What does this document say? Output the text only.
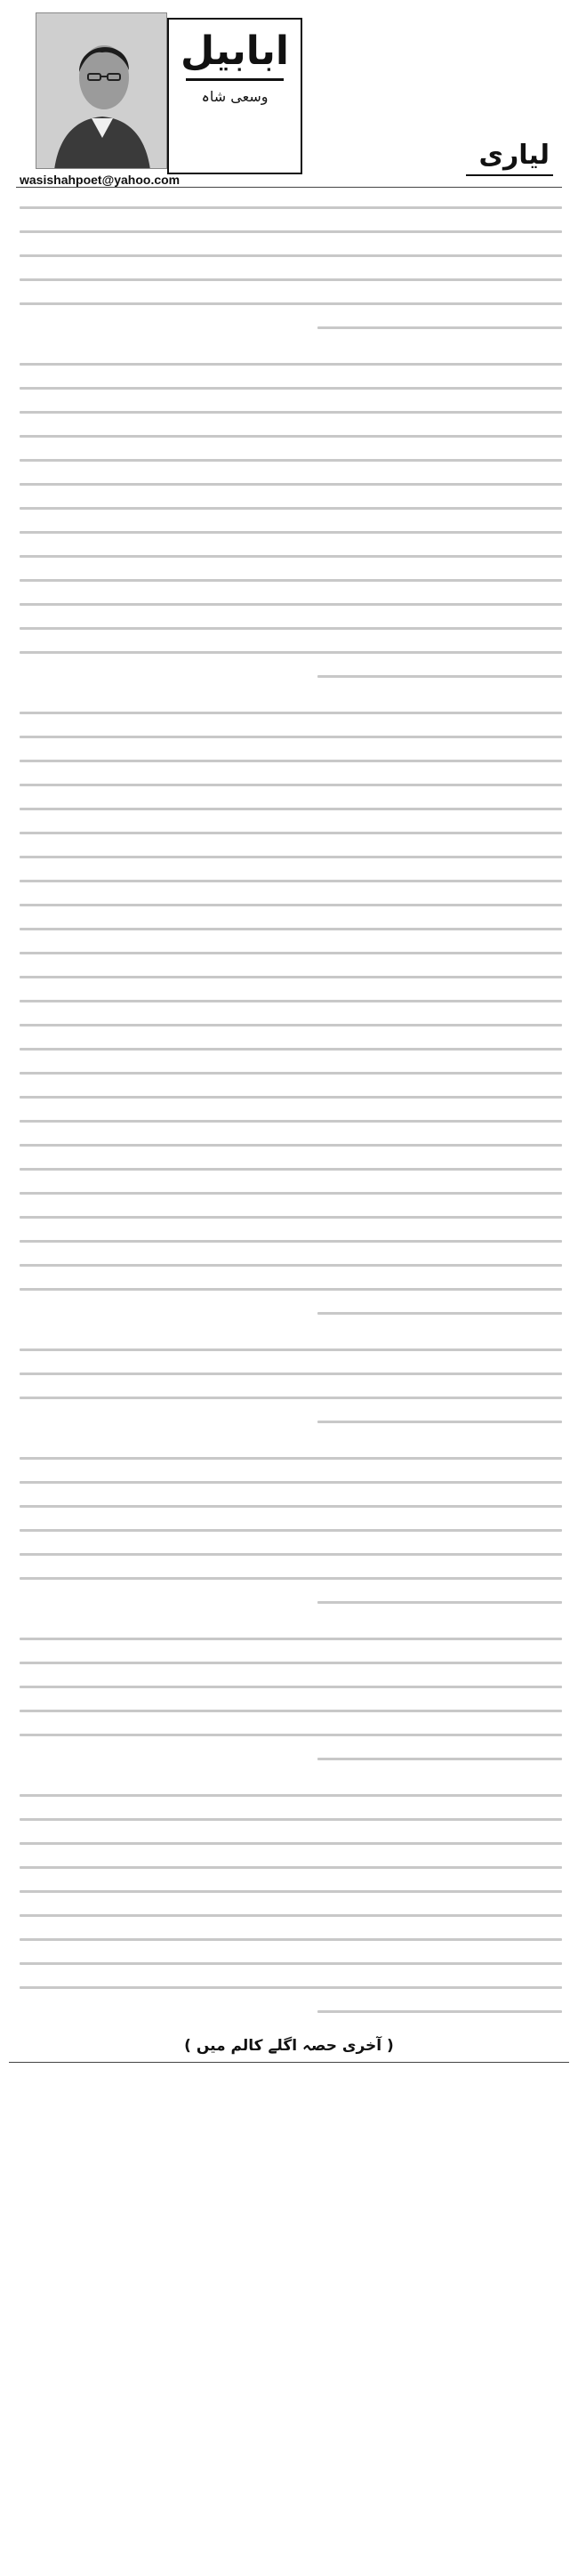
ابابیل
وسعی شاہ
لیاری
wasishahpoet@yahoo.com
( آخری حصہ اگلے کالم میں )
